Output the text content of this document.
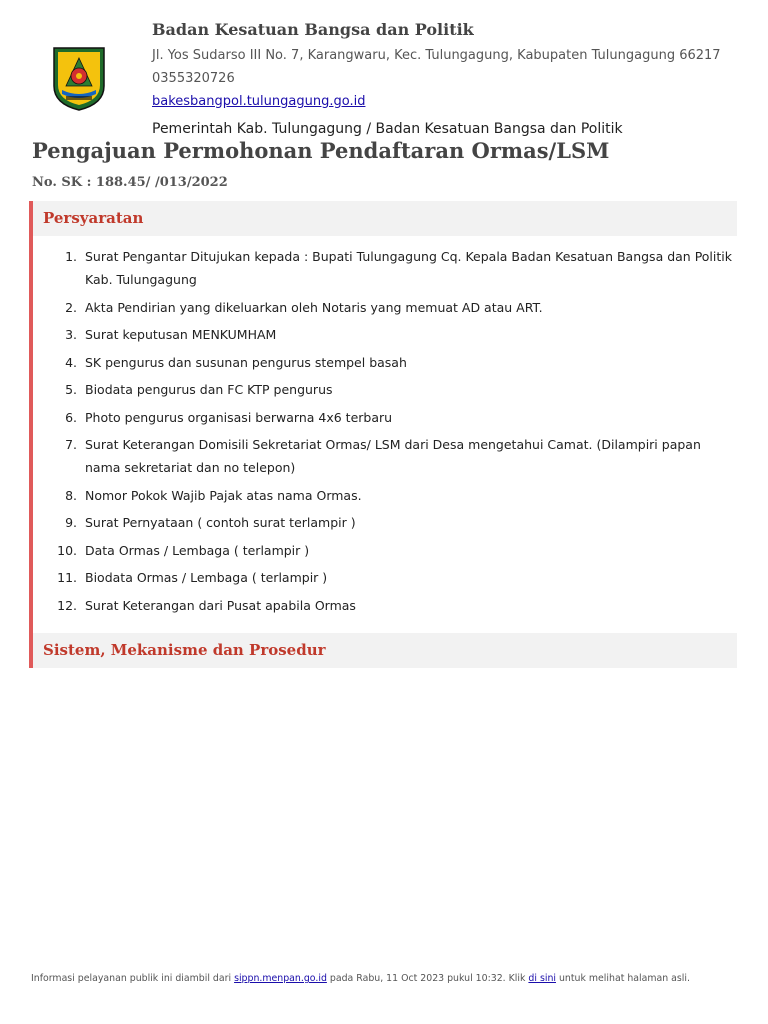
Badan Kesatuan Bangsa dan Politik
Jl. Yos Sudarso III No. 7, Karangwaru, Kec. Tulungagung, Kabupaten Tulungagung 66217
0355320726
bakesbangpol.tulungagung.go.id
Pemerintah Kab. Tulungagung / Badan Kesatuan Bangsa dan Politik
Pengajuan Permohonan Pendaftaran Ormas/LSM
No. SK : 188.45/ /013/2022
Persyaratan
1. Surat Pengantar Ditujukan kepada : Bupati Tulungagung Cq. Kepala Badan Kesatuan Bangsa dan Politik Kab. Tulungagung
2. Akta Pendirian yang dikeluarkan oleh Notaris yang memuat AD atau ART.
3. Surat keputusan MENKUMHAM
4. SK pengurus dan susunan pengurus stempel basah
5. Biodata pengurus dan FC KTP pengurus
6. Photo pengurus organisasi berwarna 4x6 terbaru
7. Surat Keterangan Domisili Sekretariat Ormas/ LSM dari Desa mengetahui Camat. (Dilampiri papan nama sekretariat dan no telepon)
8. Nomor Pokok Wajib Pajak atas nama Ormas.
9. Surat Pernyataan ( contoh surat terlampir )
10. Data Ormas / Lembaga ( terlampir )
11. Biodata Ormas / Lembaga ( terlampir )
12. Surat Keterangan dari Pusat apabila Ormas
Sistem, Mekanisme dan Prosedur
Informasi pelayanan publik ini diambil dari sippn.menpan.go.id pada Rabu, 11 Oct 2023 pukul 10:32. Klik di sini untuk melihat halaman asli.
